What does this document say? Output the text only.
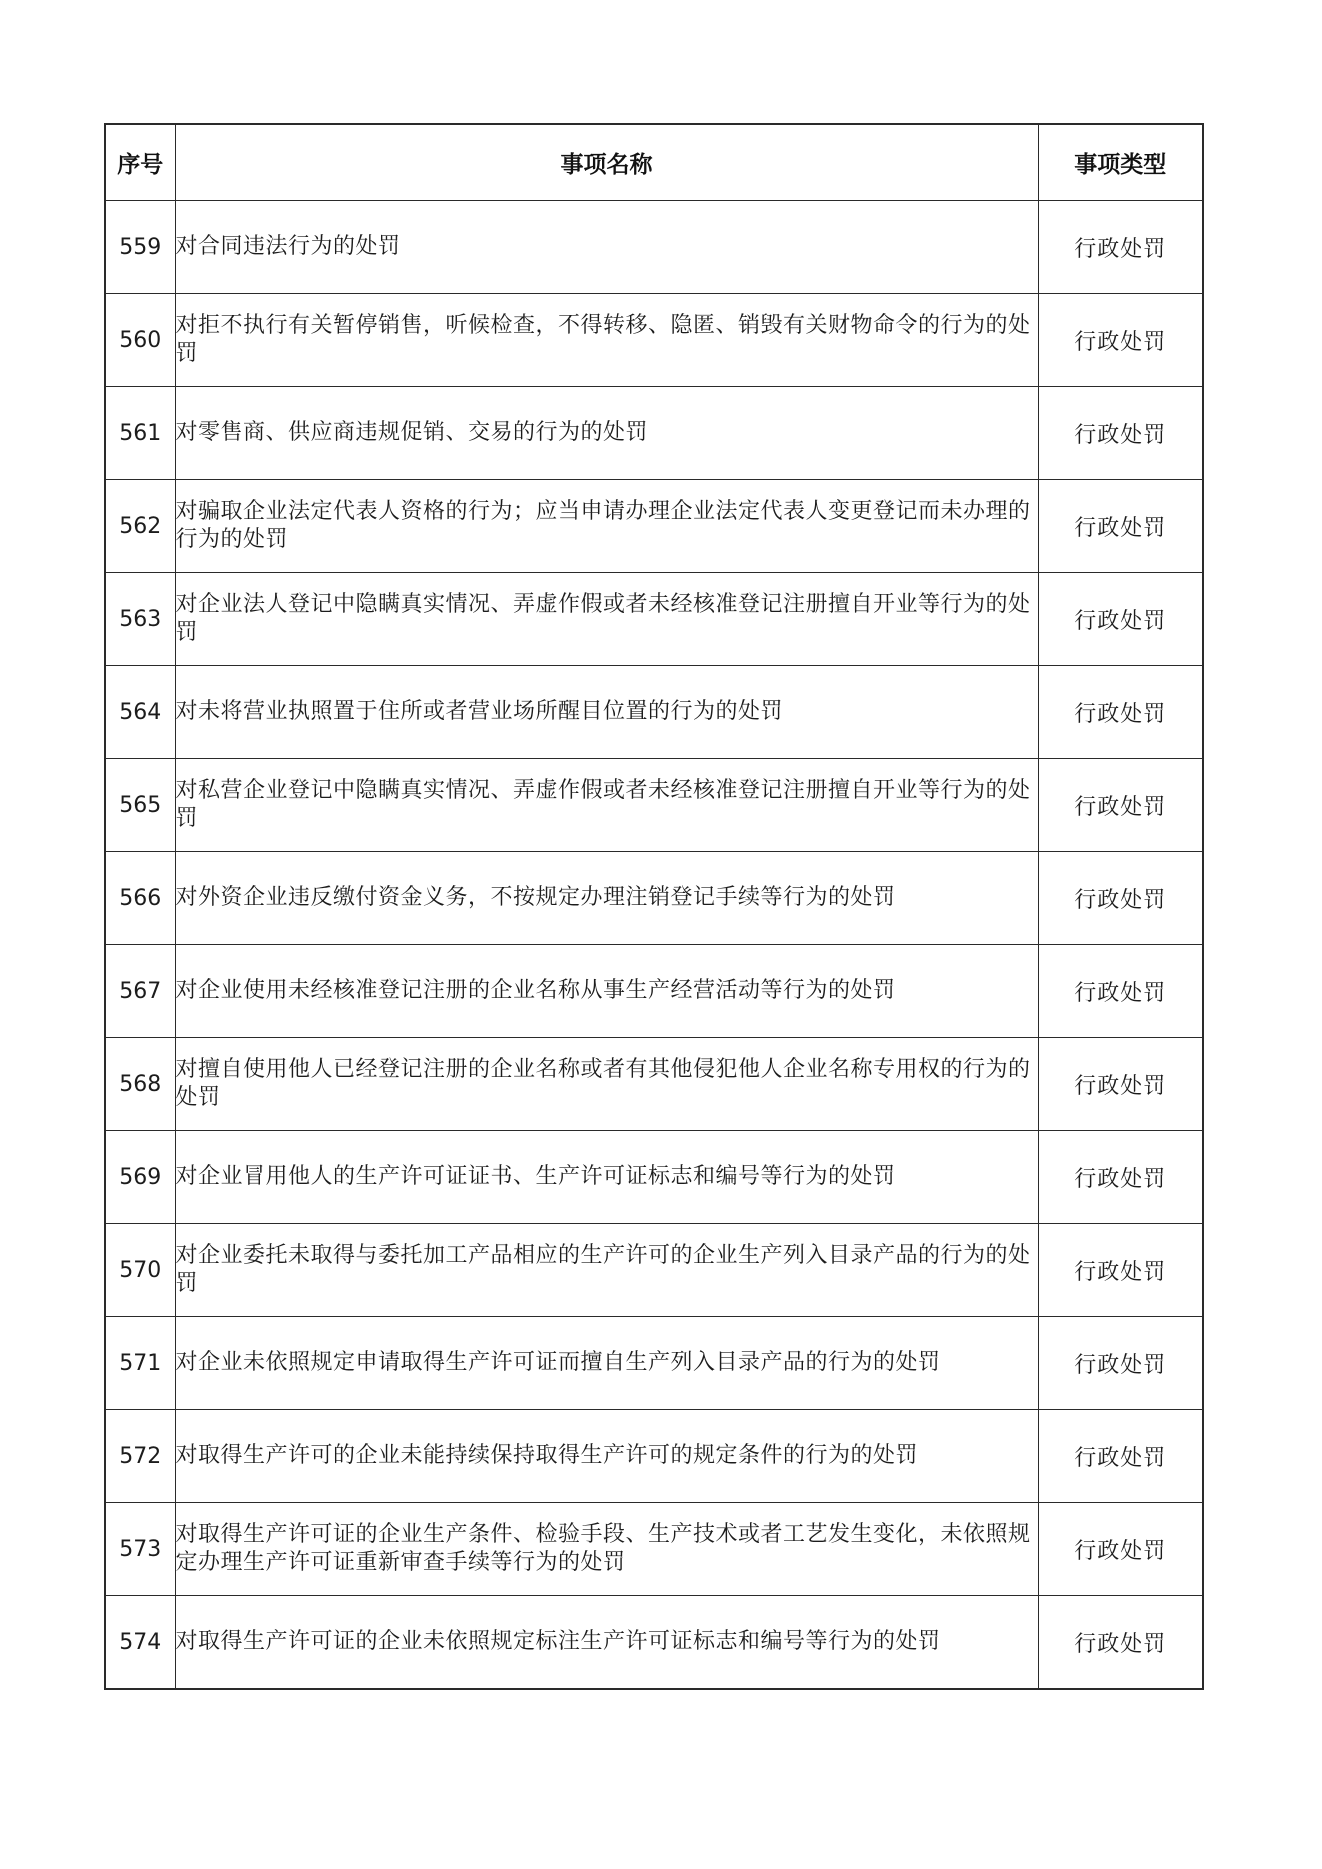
序号	事项名称	事项类型
559	对合同违法行为的处罚	行政处罚
560	对拒不执行有关暂停销售，听候检查，不得转移、隐匿、销毁有关财物命令的行为的处罚	行政处罚
561	对零售商、供应商违规促销、交易的行为的处罚	行政处罚
562	对骗取企业法定代表人资格的行为；应当申请办理企业法定代表人变更登记而未办理的行为的处罚	行政处罚
563	对企业法人登记中隐瞒真实情况、弄虚作假或者未经核准登记注册擅自开业等行为的处罚	行政处罚
564	对未将营业执照置于住所或者营业场所醒目位置的行为的处罚	行政处罚
565	对私营企业登记中隐瞒真实情况、弄虚作假或者未经核准登记注册擅自开业等行为的处罚	行政处罚
566	对外资企业违反缴付资金义务，不按规定办理注销登记手续等行为的处罚	行政处罚
567	对企业使用未经核准登记注册的企业名称从事生产经营活动等行为的处罚	行政处罚
568	对擅自使用他人已经登记注册的企业名称或者有其他侵犯他人企业名称专用权的行为的处罚	行政处罚
569	对企业冒用他人的生产许可证证书、生产许可证标志和编号等行为的处罚	行政处罚
570	对企业委托未取得与委托加工产品相应的生产许可的企业生产列入目录产品的行为的处罚	行政处罚
571	对企业未依照规定申请取得生产许可证而擅自生产列入目录产品的行为的处罚	行政处罚
572	对取得生产许可的企业未能持续保持取得生产许可的规定条件的行为的处罚	行政处罚
573	对取得生产许可证的企业生产条件、检验手段、生产技术或者工艺发生变化，未依照规定办理生产许可证重新审查手续等行为的处罚	行政处罚
574	对取得生产许可证的企业未依照规定标注生产许可证标志和编号等行为的处罚	行政处罚
